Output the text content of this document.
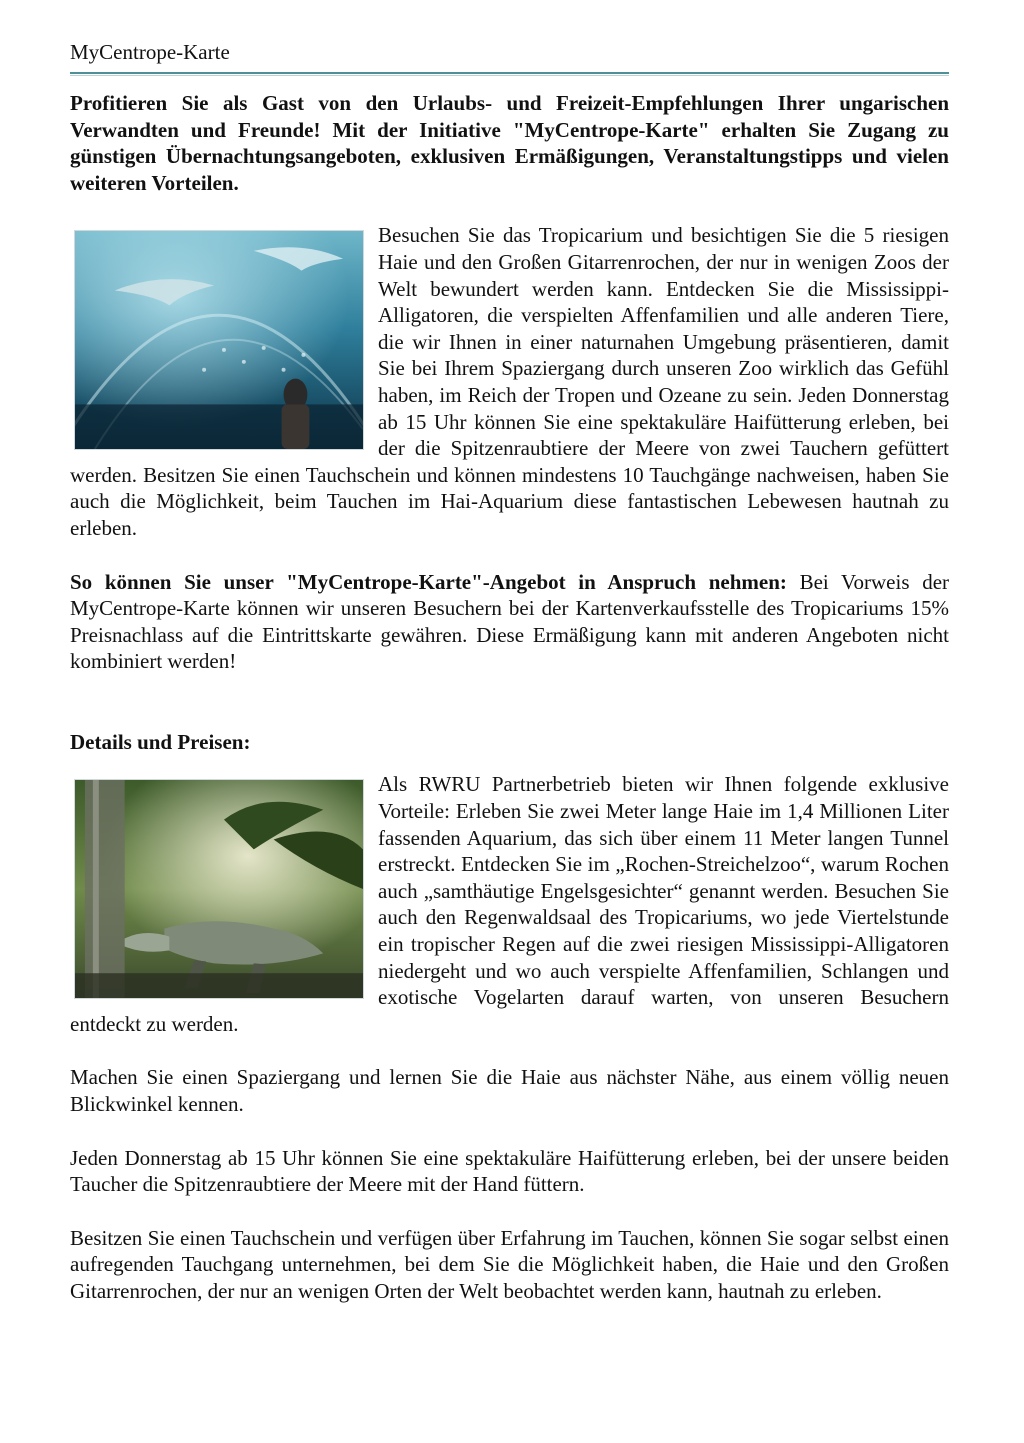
MyCentrope-Karte

Profitieren Sie als Gast von den Urlaubs- und Freizeit-Empfehlungen Ihrer ungarischen Verwandten und Freunde! Mit der Initiative "MyCentrope-Karte" erhalten Sie Zugang zu günstigen Übernachtungsangeboten, exklusiven Ermäßigungen, Veranstaltungstipps und vielen weiteren Vorteilen.

Besuchen Sie das Tropicarium und besichtigen Sie die 5 riesigen Haie und den Großen Gitarrenrochen, der nur in wenigen Zoos der Welt bewundert werden kann. Entdecken Sie die Mississippi-Alligatoren, die verspielten Affenfamilien und alle anderen Tiere, die wir Ihnen in einer naturnahen Umgebung präsentieren, damit Sie bei Ihrem Spaziergang durch unseren Zoo wirklich das Gefühl haben, im Reich der Tropen und Ozeane zu sein. Jeden Donnerstag ab 15 Uhr können Sie eine spektakuläre Haifütterung erleben, bei der die Spitzenraubtiere der Meere von zwei Tauchern gefüttert werden. Besitzen Sie einen Tauchschein und können mindestens 10 Tauchgänge nachweisen, haben Sie auch die Möglichkeit, beim Tauchen im Hai-Aquarium diese fantastischen Lebewesen hautnah zu erleben.

So können Sie unser "MyCentrope-Karte"-Angebot in Anspruch nehmen: Bei Vorweis der MyCentrope-Karte können wir unseren Besuchern bei der Kartenverkaufsstelle des Tropicariums 15% Preisnachlass auf die Eintrittskarte gewähren. Diese Ermäßigung kann mit anderen Angeboten nicht kombiniert werden!

Details und Preisen:

Als RWRU Partnerbetrieb bieten wir Ihnen folgende exklusive Vorteile: Erleben Sie zwei Meter lange Haie im 1,4 Millionen Liter fassenden Aquarium, das sich über einem 11 Meter langen Tunnel erstreckt. Entdecken Sie im „Rochen-Streichelzoo“, warum Rochen auch „samthäutige Engelsgesichter“ genannt werden. Besuchen Sie auch den Regenwaldsaal des Tropicariums, wo jede Viertelstunde ein tropischer Regen auf die zwei riesigen Mississippi-Alligatoren niedergeht und wo auch verspielte Affenfamilien, Schlangen und exotische Vogelarten darauf warten, von unseren Besuchern entdeckt zu werden.

Machen Sie einen Spaziergang und lernen Sie die Haie aus nächster Nähe, aus einem völlig neuen Blickwinkel kennen.

Jeden Donnerstag ab 15 Uhr können Sie eine spektakuläre Haifütterung erleben, bei der unsere beiden Taucher die Spitzenraubtiere der Meere mit der Hand füttern.

Besitzen Sie einen Tauchschein und verfügen über Erfahrung im Tauchen, können Sie sogar selbst einen aufregenden Tauchgang unternehmen, bei dem Sie die Möglichkeit haben, die Haie und den Großen Gitarrenrochen, der nur an wenigen Orten der Welt beobachtet werden kann, hautnah zu erleben.
